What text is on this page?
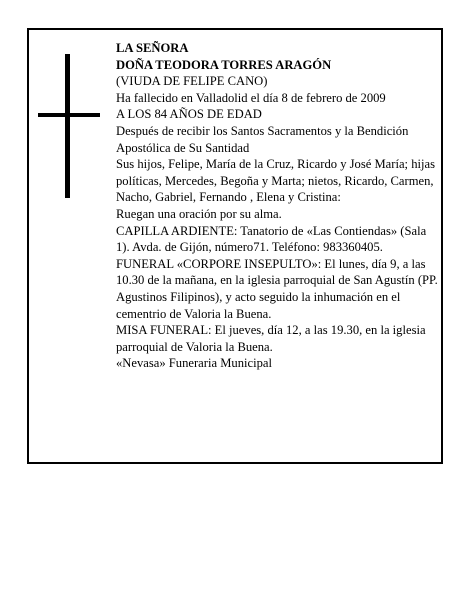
LA SEÑORA

DOÑA TEODORA TORRES ARAGÓN

(VIUDA DE FELIPE CANO)

Ha fallecido en Valladolid el día 8 de febrero de 2009

A LOS 84 AÑOS DE EDAD

Después de recibir los Santos Sacramentos y la Bendición Apostólica de Su Santidad

Sus hijos, Felipe, María de la Cruz, Ricardo y José María; hijas políticas, Mercedes, Begoña y Marta; nietos, Ricardo, Carmen, Nacho, Gabriel, Fernando , Elena y Cristina:

Ruegan una oración por su alma.

CAPILLA ARDIENTE: Tanatorio de «Las Contiendas» (Sala 1). Avda. de Gijón, número71. Teléfono: 983360405.

FUNERAL «CORPORE INSEPULTO»: El lunes, día 9, a las 10.30 de la mañana, en la iglesia parroquial de San Agustín (PP. Agustinos Filipinos), y acto seguido la inhumación en el cementrio de Valoria la Buena.

MISA FUNERAL: El jueves, día 12, a las 19.30, en la iglesia parroquial de Valoria la Buena.

«Nevasa» Funeraria Municipal
